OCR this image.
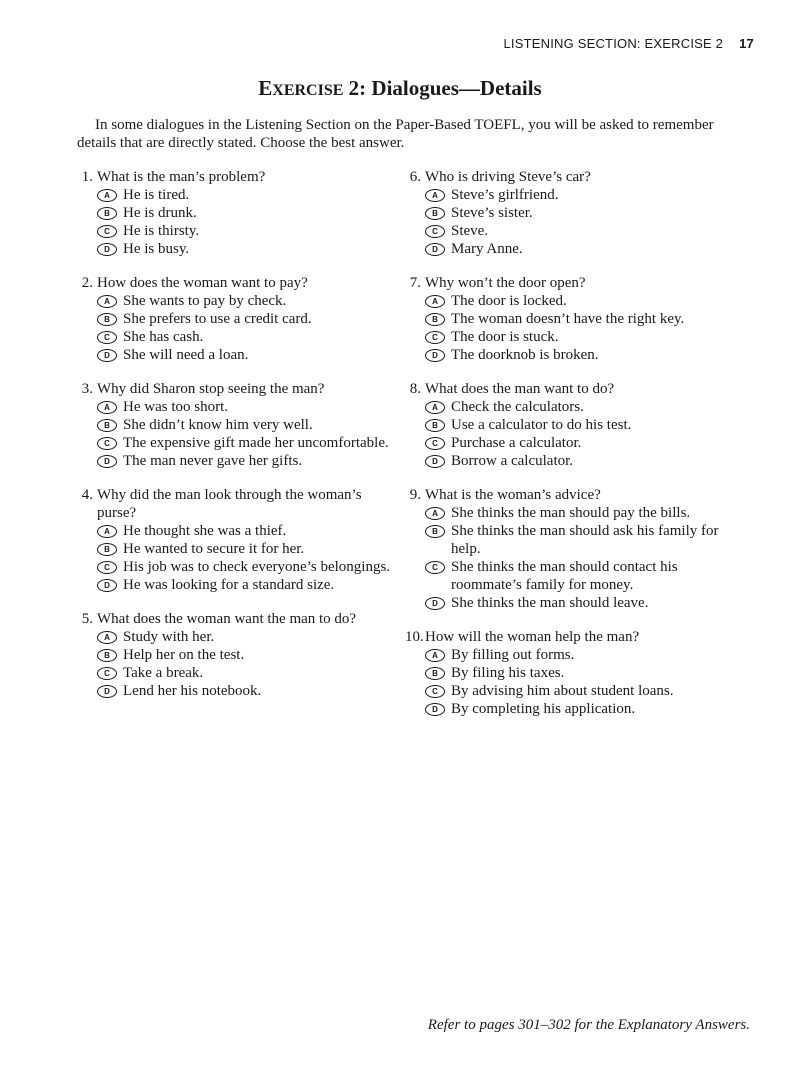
LISTENING SECTION: EXERCISE 2 17
EXERCISE 2: Dialogues—Details

In some dialogues in the Listening Section on the Paper-Based TOEFL, you will be asked to remember details that are directly stated. Choose the best answer.

1. What is the man’s problem?
A He is tired.
B He is drunk.
C He is thirsty.
D He is busy.
2. How does the woman want to pay?
A She wants to pay by check.
B She prefers to use a credit card.
C She has cash.
D She will need a loan.
3. Why did Sharon stop seeing the man?
A He was too short.
B She didn’t know him very well.
C The expensive gift made her uncomfortable.
D The man never gave her gifts.
4. Why did the man look through the woman’s purse?
A He thought she was a thief.
B He wanted to secure it for her.
C His job was to check everyone’s belongings.
D He was looking for a standard size.
5. What does the woman want the man to do?
A Study with her.
B Help her on the test.
C Take a break.
D Lend her his notebook.
6. Who is driving Steve’s car?
A Steve’s girlfriend.
B Steve’s sister.
C Steve.
D Mary Anne.
7. Why won’t the door open?
A The door is locked.
B The woman doesn’t have the right key.
C The door is stuck.
D The doorknob is broken.
8. What does the man want to do?
A Check the calculators.
B Use a calculator to do his test.
C Purchase a calculator.
D Borrow a calculator.
9. What is the woman’s advice?
A She thinks the man should pay the bills.
B She thinks the man should ask his family for help.
C She thinks the man should contact his roommate’s family for money.
D She thinks the man should leave.
10. How will the woman help the man?
A By filling out forms.
B By filing his taxes.
C By advising him about student loans.
D By completing his application.
Refer to pages 301–302 for the Explanatory Answers.
